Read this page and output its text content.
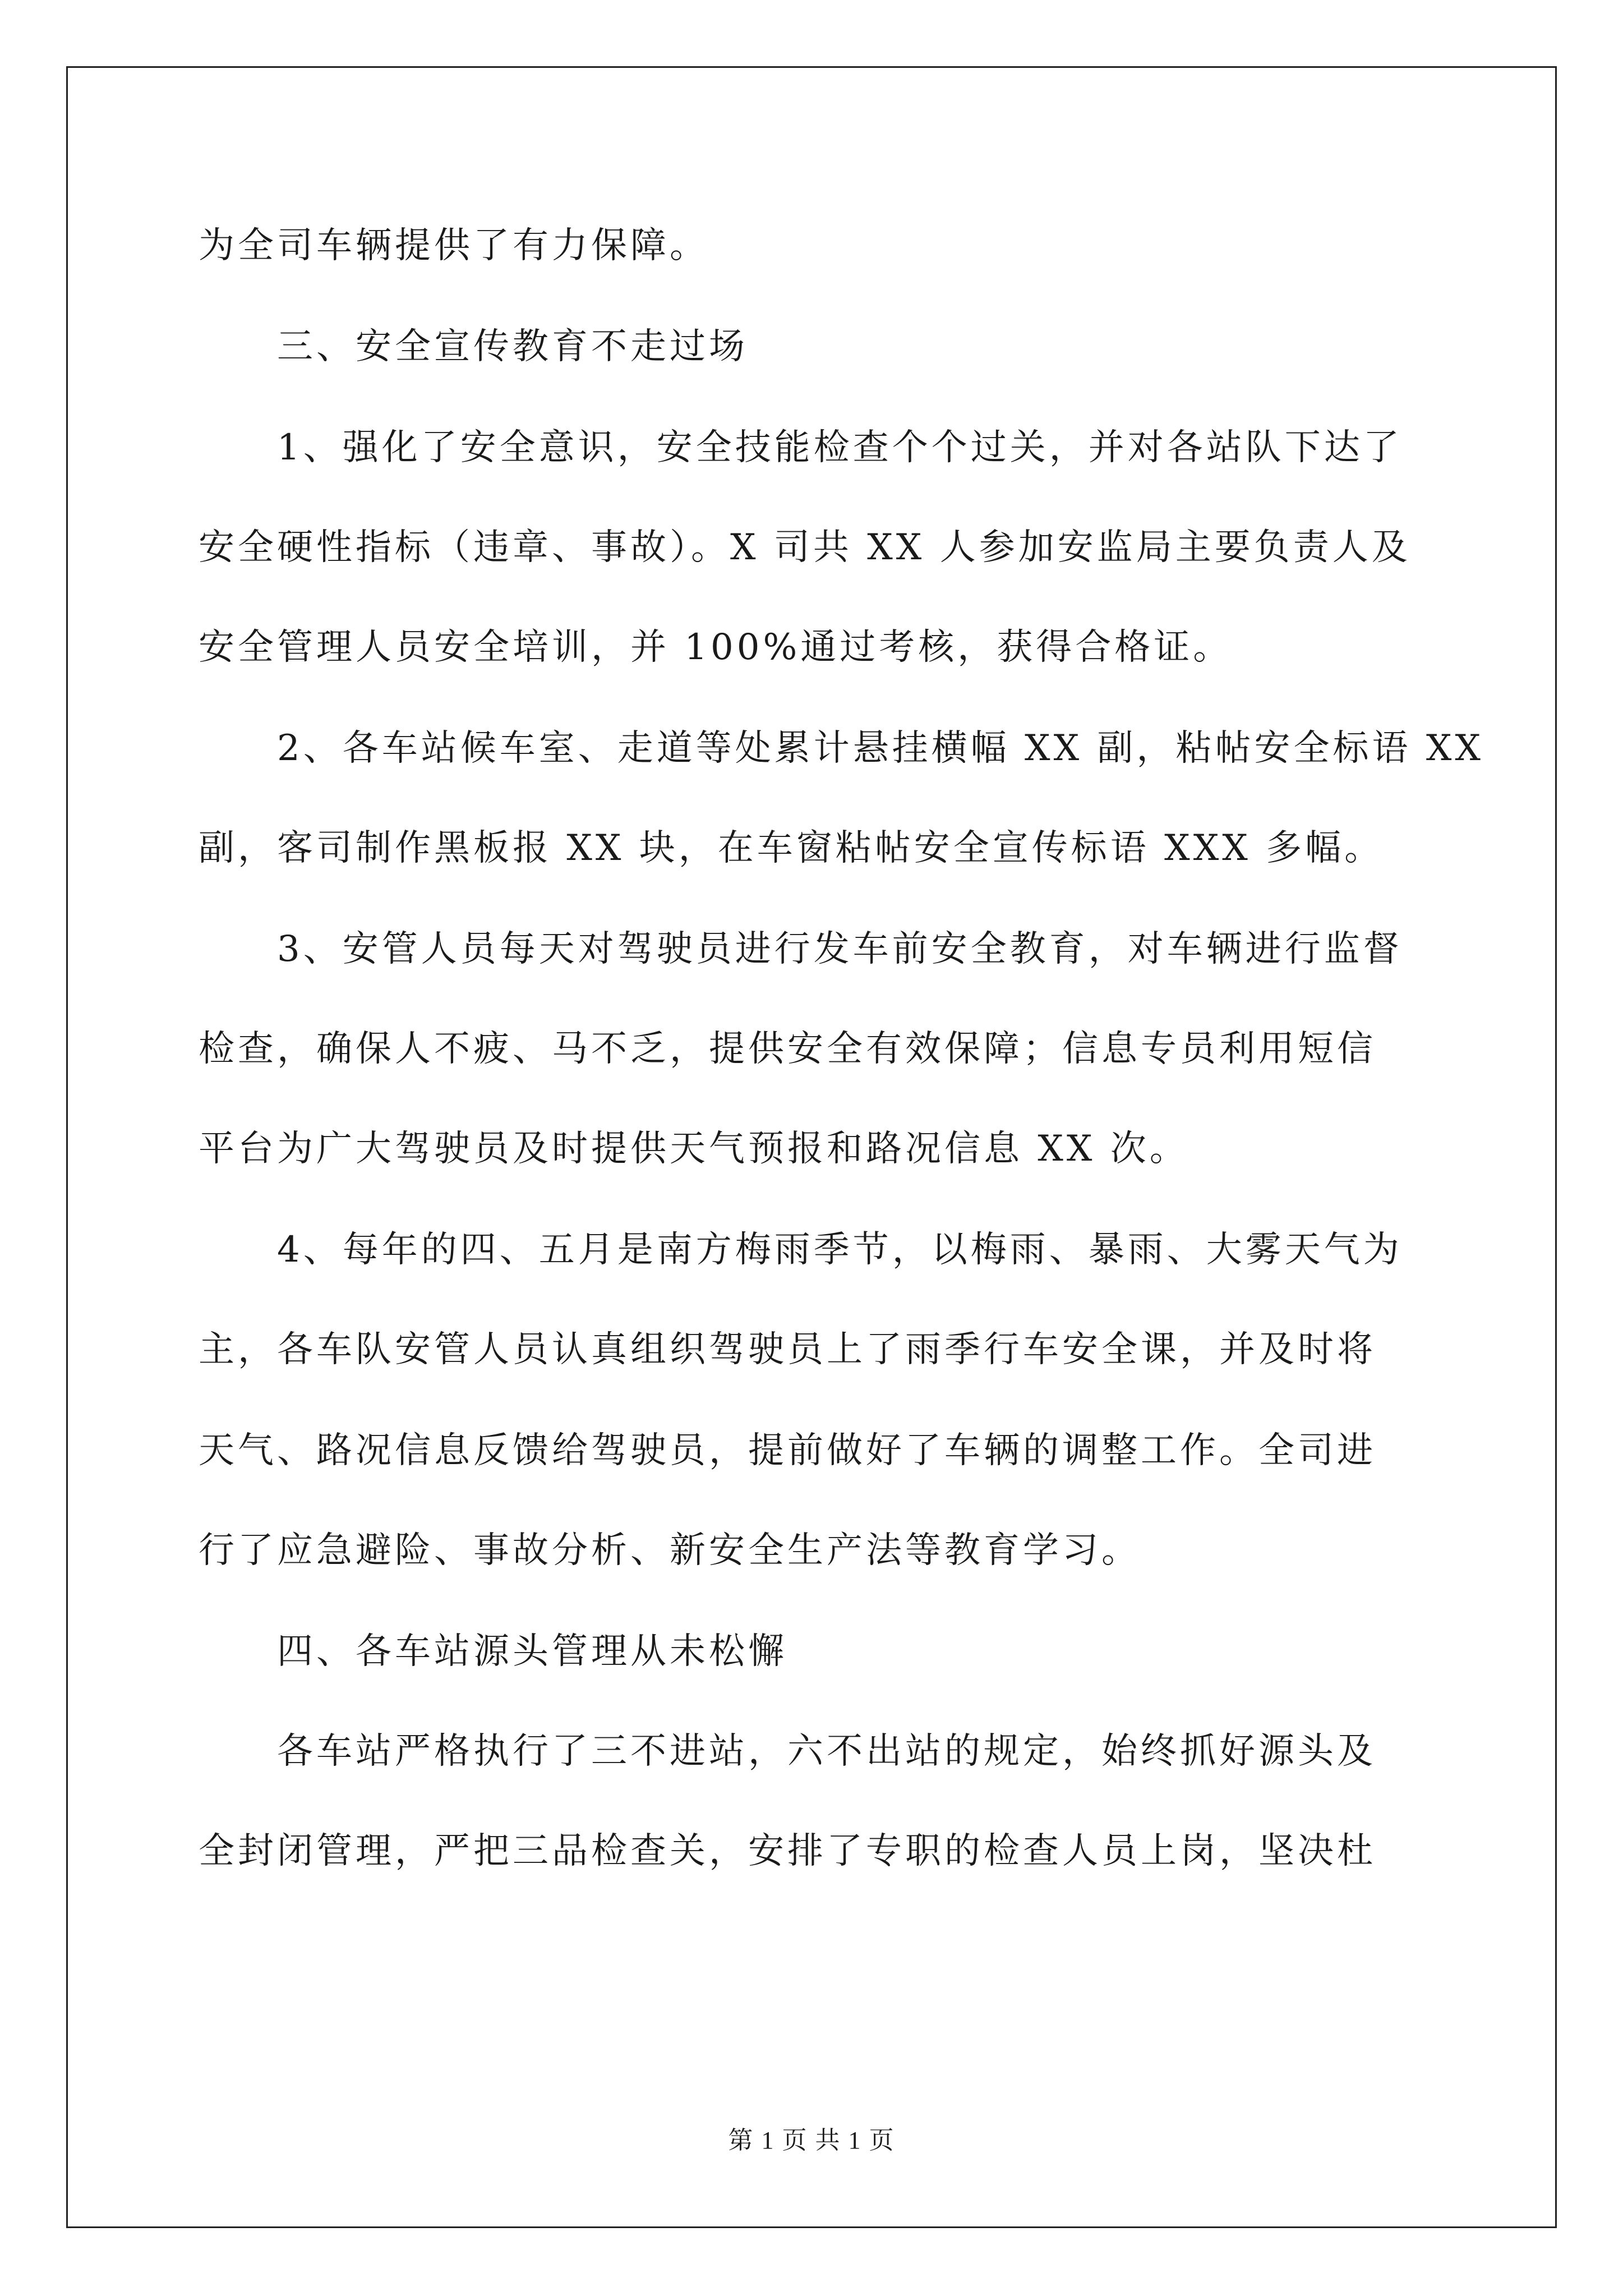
为全司车辆提供了有力保障。
三、安全宣传教育不走过场
1、强化了安全意识，安全技能检查个个过关，并对各站队下达了
安全硬性指标（违章、事故）。X 司共 XX 人参加安监局主要负责人及
安全管理人员安全培训，并 100%通过考核，获得合格证。
2、各车站候车室、走道等处累计悬挂横幅 XX 副，粘帖安全标语 XX
副，客司制作黑板报 XX 块，在车窗粘帖安全宣传标语 XXX 多幅。
3、安管人员每天对驾驶员进行发车前安全教育，对车辆进行监督
检查，确保人不疲、马不乏，提供安全有效保障；信息专员利用短信
平台为广大驾驶员及时提供天气预报和路况信息 XX 次。
4、每年的四、五月是南方梅雨季节，以梅雨、暴雨、大雾天气为
主，各车队安管人员认真组织驾驶员上了雨季行车安全课，并及时将
天气、路况信息反馈给驾驶员，提前做好了车辆的调整工作。全司进
行了应急避险、事故分析、新安全生产法等教育学习。
四、各车站源头管理从未松懈
各车站严格执行了三不进站，六不出站的规定，始终抓好源头及
全封闭管理，严把三品检查关，安排了专职的检查人员上岗，坚决杜
第 1 页 共 1 页
